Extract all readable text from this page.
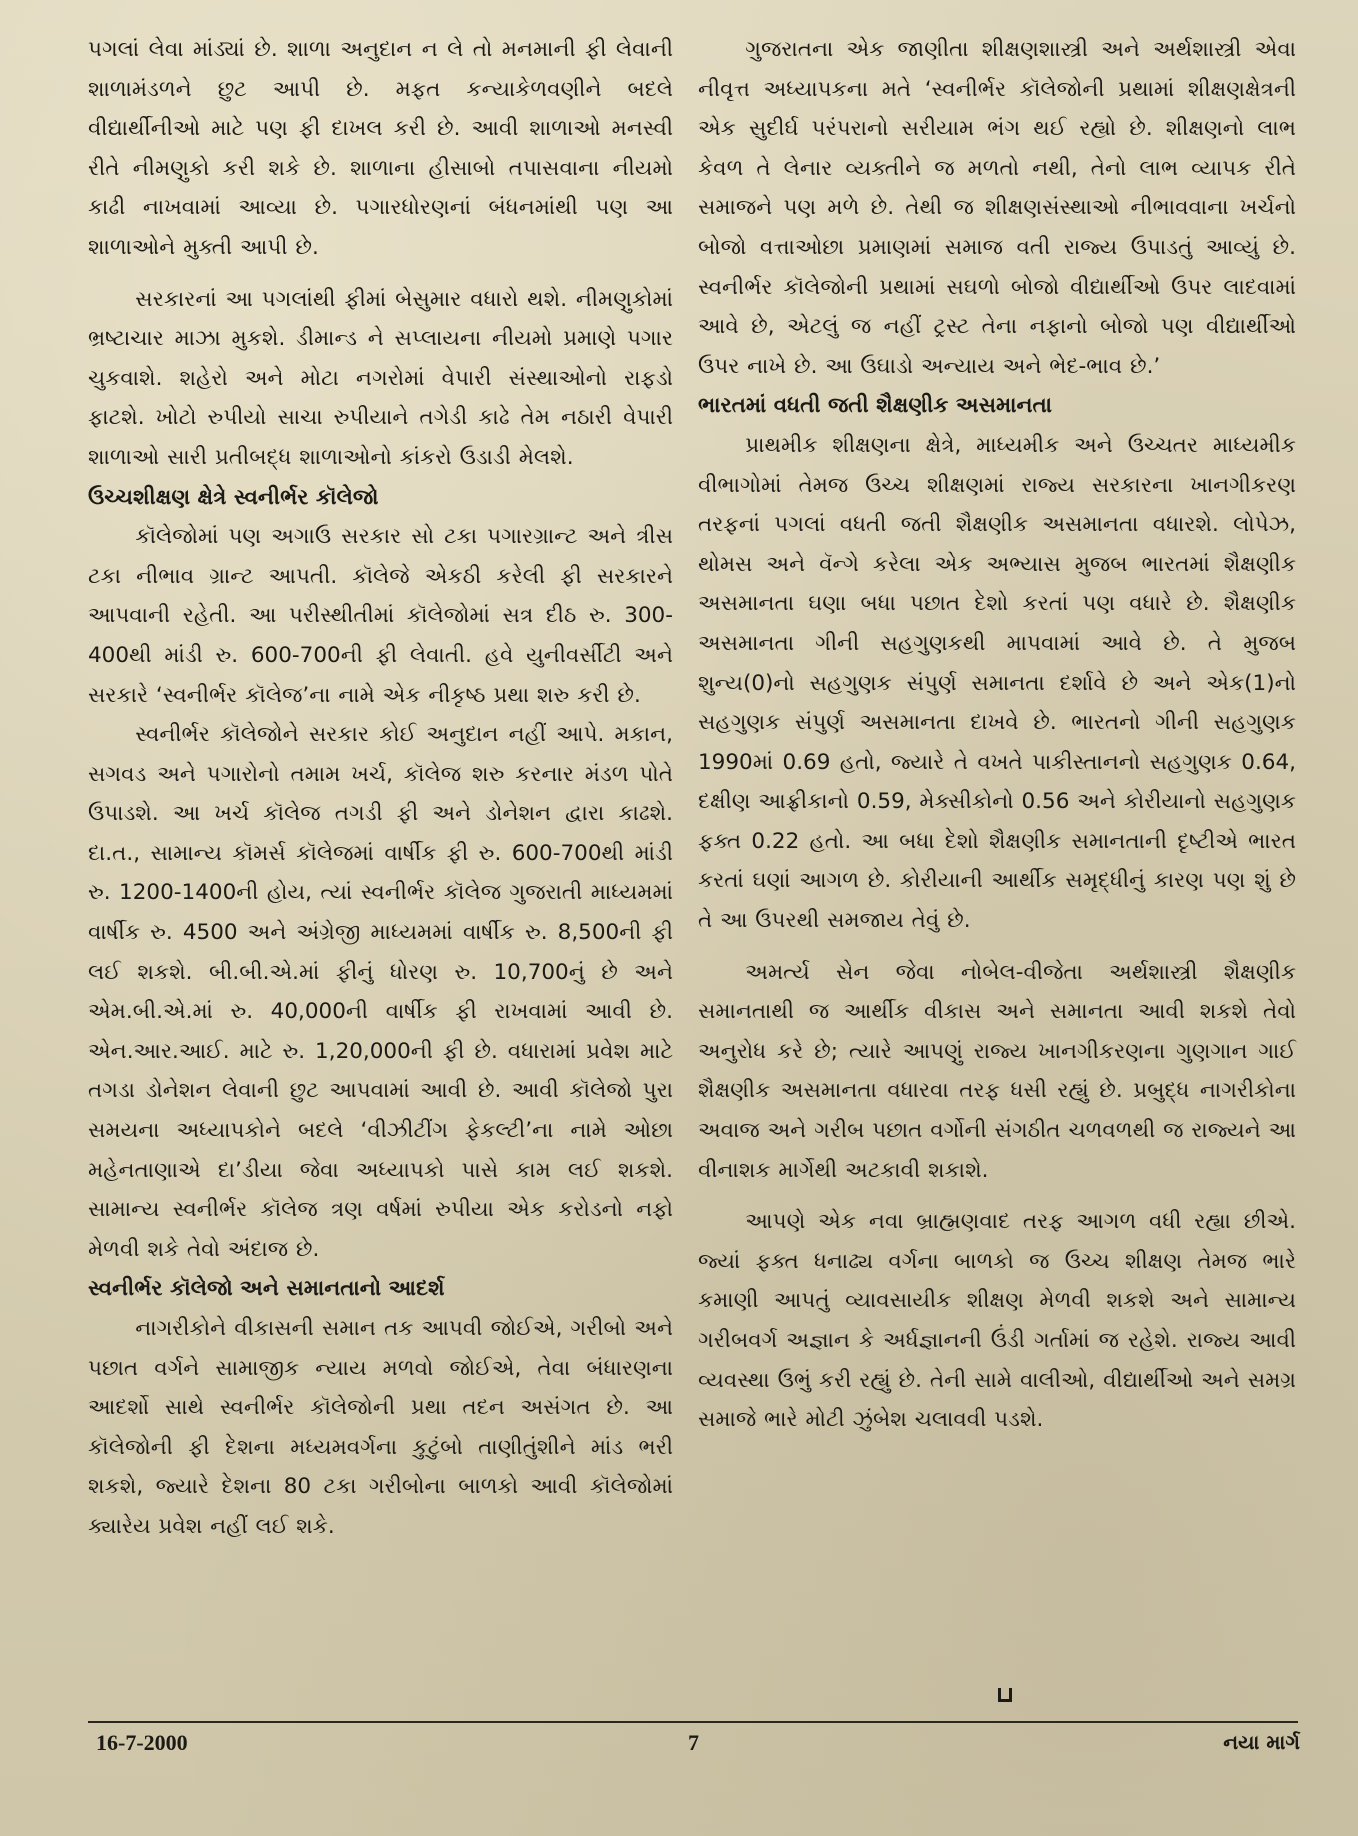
પગલાં લેવા માંડ્યાં છે. શાળા અનુદાન ન લે તો મનમાની ફી લેવાની શાળામંડળને છુટ આપી છે. મફત કન્યાકેળવણીને બદલે વીદ્યાર્થીનીઓ માટે પણ ફી દાખલ કરી છે. આવી શાળાઓ મનસ્વી રીતે નીમણુકો કરી શકે છે. શાળાના હીસાબો તપાસવાના નીયમો કાઢી નાખવામાં આવ્યા છે. પગારધોરણનાં બંધનમાંથી પણ આ શાળાઓને મુક્તી આપી છે.

સરકારનાં આ પગલાંથી ફીમાં બેસુમાર વધારો થશે. નીમણુકોમાં ભ્રષ્ટાચાર માઝા મુકશે. ડીમાન્ડ ને સપ્લાયના નીયમો પ્રમાણે પગાર ચુકવાશે. શહેરો અને મોટા નગરોમાં વેપારી સંસ્થાઓનો રાફડો ફાટશે. ખોટો રુપીયો સાચા રુપીયાને તગેડી કાઢે તેમ નઠારી વેપારી શાળાઓ સારી પ્રતીબદ્ધ શાળાઓનો કાંકરો ઉડાડી મેલશે.

ઉચ્ચશીક્ષણ ક્ષેત્રે સ્વનીર્ભર કૉલેજો

કૉલેજોમાં પણ અગાઉ સરકાર સો ટકા પગારગ્રાન્ટ અને ત્રીસ ટકા નીભાવ ગ્રાન્ટ આપતી. કૉલેજે એકઠી કરેલી ફી સરકારને આપવાની રહેતી. આ પરીસ્થીતીમાં કૉલેજોમાં સત્ર દીઠ રુ. 300-400થી માંડી રુ. 600-700ની ફી લેવાતી. હવે યુનીવર્સીટી અને સરકારે ‘સ્વનીર્ભર કૉલેજ’ના નામે એક નીકૃષ્ઠ પ્રથા શરુ કરી છે.

સ્વનીર્ભર કૉલેજોને સરકાર કોઈ અનુદાન નહીં આપે. મકાન, સગવડ અને પગારોનો તમામ ખર્ચ, કૉલેજ શરુ કરનાર મંડળ પોતે ઉપાડશે. આ ખર્ચ કૉલેજ તગડી ફી અને ડોનેશન દ્વારા કાઢશે. દા.ત., સામાન્ય કૉમર્સ કૉલેજમાં વાર્ષીક ફી રુ. 600-700થી માંડી રુ. 1200-1400ની હોય, ત્યાં સ્વનીર્ભર કૉલેજ ગુજરાતી માધ્યમમાં વાર્ષીક રુ. 4500 અને અંગ્રેજી માધ્યમમાં વાર્ષીક રુ. 8,500ની ફી લઈ શકશે. બી.બી.એ.માં ફીનું ધોરણ રુ. 10,700નું છે અને એમ.બી.એ.માં રુ. 40,000ની વાર્ષીક ફી રાખવામાં આવી છે. એન.આર.આઈ. માટે રુ. 1,20,000ની ફી છે. વધારામાં પ્રવેશ માટે તગડા ડોનેશન લેવાની છુટ આપવામાં આવી છે. આવી કૉલેજો પુરા સમયના અધ્યાપકોને બદલે ‘વીઝીટીંગ ફેકલ્ટી’ના નામે ઓછા મહેનતાણાએ દા’ડીયા જેવા અધ્યાપકો પાસે કામ લઈ શકશે. સામાન્ય સ્વનીર્ભર કૉલેજ ત્રણ વર્ષમાં રુપીયા એક કરોડનો નફો મેળવી શકે તેવો અંદાજ છે.

સ્વનીર્ભર કૉલેજો અને સમાનતાનો આદર્શ

નાગરીકોને વીકાસની સમાન તક આપવી જોઈએ, ગરીબો અને પછાત વર્ગને સામાજીક ન્યાય મળવો જોઈએ, તેવા બંધારણના આદર્શો સાથે સ્વનીર્ભર કૉલેજોની પ્રથા તદન અસંગત છે. આ કૉલેજોની ફી દેશના મધ્યમવર્ગના કુટુંબો તાણીતુંશીને માંડ ભરી શકશે, જ્યારે દેશના 80 ટકા ગરીબોના બાળકો આવી કૉલેજોમાં ક્યારેય પ્રવેશ નહીં લઈ શકે.

ગુજરાતના એક જાણીતા શીક્ષણશાસ્ત્રી અને અર્થશાસ્ત્રી એવા નીવૃત્ત અધ્યાપકના મતે ‘સ્વનીર્ભર કૉલેજોની પ્રથામાં શીક્ષણક્ષેત્રની એક સુદીર્ઘ પરંપરાનો સરીયામ ભંગ થઈ રહ્યો છે. શીક્ષણનો લાભ કેવળ તે લેનાર વ્યક્તીને જ મળતો નથી, તેનો લાભ વ્યાપક રીતે સમાજને પણ મળે છે. તેથી જ શીક્ષણસંસ્થાઓ નીભાવવાના ખર્ચનો બોજો વત્તાઓછા પ્રમાણમાં સમાજ વતી રાજ્ય ઉપાડતું આવ્યું છે. સ્વનીર્ભર કૉલેજોની પ્રથામાં સઘળો બોજો વીદ્યાર્થીઓ ઉપર લાદવામાં આવે છે, એટલું જ નહીં ટ્રસ્ટ તેના નફાનો બોજો પણ વીદ્યાર્થીઓ ઉપર નાખે છે. આ ઉઘાડો અન્યાય અને ભેદ-ભાવ છે.’

ભારતમાં વધતી જતી શૈક્ષણીક અસમાનતા

પ્રાથમીક શીક્ષણના ક્ષેત્રે, માધ્યમીક અને ઉચ્ચતર માધ્યમીક વીભાગોમાં તેમજ ઉચ્ચ શીક્ષણમાં રાજ્ય સરકારના ખાનગીકરણ તરફનાં પગલાં વધતી જતી શૈક્ષણીક અસમાનતા વધારશે. લોપેઝ, થોમસ અને વૅન્ગે કરેલા એક અભ્યાસ મુજબ ભારતમાં શૈક્ષણીક અસમાનતા ઘણા બધા પછાત દેશો કરતાં પણ વધારે છે. શૈક્ષણીક અસમાનતા ગીની સહગુણકથી માપવામાં આવે છે. તે મુજબ શુન્ય(0)નો સહગુણક સંપુર્ણ સમાનતા દર્શાવે છે અને એક(1)નો સહગુણક સંપુર્ણ અસમાનતા દાખવે છે. ભારતનો ગીની સહગુણક 1990માં 0.69 હતો, જ્યારે તે વખતે પાકીસ્તાનનો સહગુણક 0.64, દક્ષીણ આફ્રીકાનો 0.59, મેક્સીકોનો 0.56 અને કોરીયાનો સહગુણક ફક્ત 0.22 હતો. આ બધા દેશો શૈક્ષણીક સમાનતાની દૃષ્ટીએ ભારત કરતાં ઘણાં આગળ છે. કોરીયાની આર્થીક સમૃદ્ધીનું કારણ પણ શું છે તે આ ઉપરથી સમજાય તેવું છે.

અમર્ત્ય સેન જેવા નોબેલ-વીજેતા અર્થશાસ્ત્રી શૈક્ષણીક સમાનતાથી જ આર્થીક વીકાસ અને સમાનતા આવી શકશે તેવો અનુરોધ કરે છે; ત્યારે આપણું રાજ્ય ખાનગીકરણના ગુણગાન ગાઈ શૈક્ષણીક અસમાનતા વધારવા તરફ ધસી રહ્યું છે. પ્રબુદ્ધ નાગરીકોના અવાજ અને ગરીબ પછાત વર્ગોની સંગઠીત ચળવળથી જ રાજ્યને આ વીનાશક માર્ગેથી અટકાવી શકાશે.

આપણે એક નવા બ્રાહ્મણવાદ તરફ આગળ વધી રહ્યા છીએ. જ્યાં ફક્ત ધનાઢ્ય વર્ગના બાળકો જ ઉચ્ચ શીક્ષણ તેમજ ભારે કમાણી આપતું વ્યાવસાયીક શીક્ષણ મેળવી શકશે અને સામાન્ય ગરીબવર્ગ અજ્ઞાન કે અર્ધજ્ઞાનની ઉંડી ગર્તામાં જ રહેશે. રાજ્ય આવી વ્યવસ્થા ઉભું કરી રહ્યું છે. તેની સામે વાલીઓ, વીદ્યાર્થીઓ અને સમગ્ર સમાજે ભારે મોટી ઝુંબેશ ચલાવવી પડશે.

16-7-2000	7	નયા માર્ગ
